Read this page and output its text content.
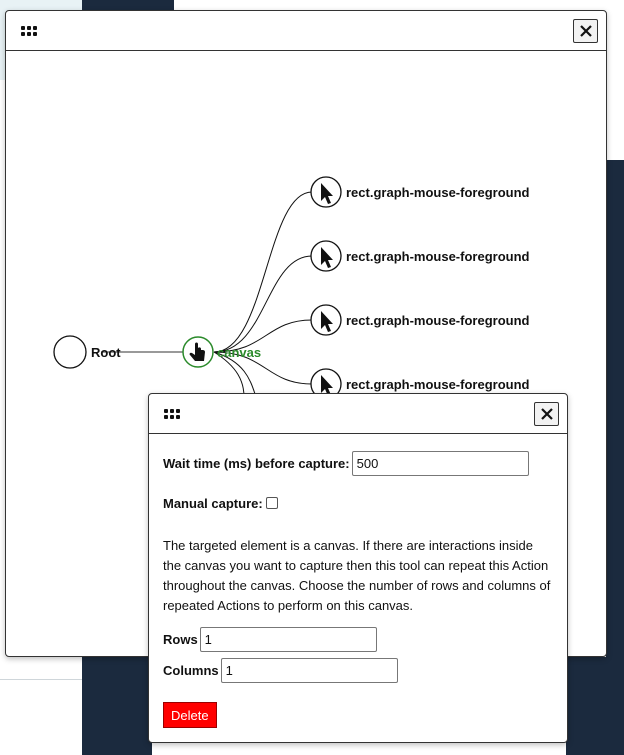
Root	canvas
rect.graph-mouse-foreground
rect.graph-mouse-foreground
rect.graph-mouse-foreground
rect.graph-mouse-foreground
Wait time (ms) before capture:
500
Manual capture:
The targeted element is a canvas. If there are interactions inside the canvas you want to capture then this tool can repeat this Action throughout the canvas. Choose the number of rows and columns of repeated Actions to perform on this canvas.
Rows
1
Columns
1
Delete
